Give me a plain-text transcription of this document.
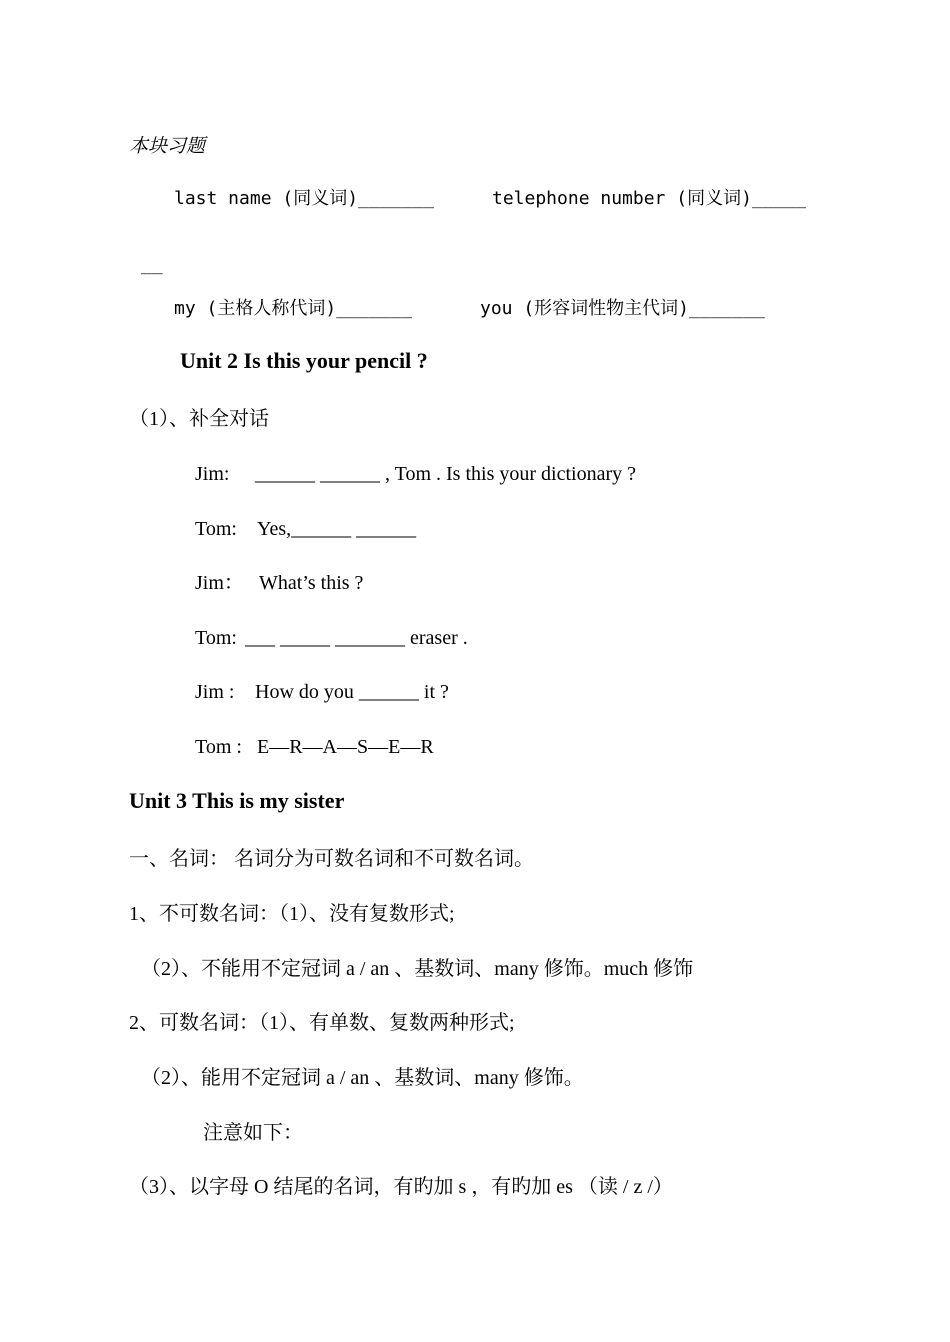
本块习题
last name (同义词)_______	telephone number (同义词)_____
__
my (主格人称代词)_______	you (形容词性物主代词)_______
Unit 2 Is this your pencil ?
（1）、补全对话
Jim: ______ ______ , Tom . Is this your dictionary ?
Tom: Yes,______ ______
Jim： What’s this ?
Tom: ___ _____ _______ eraser .
Jim : How do you ______ it ?
Tom : E—R—A—S—E—R
Unit 3 This is my sister
一、名词： 名词分为可数名词和不可数名词。
1、不可数名词：（1）、没有复数形式;
（2）、不能用不定冠词 a / an 、基数词、many 修饰。much 修饰
2、可数名词：（1）、有单数、复数两种形式;
（2）、能用不定冠词 a / an 、基数词、many 修饰。
注意如下：
（3）、以字母 O 结尾的名词，有旳加 s ，有旳加 es （读 / z /）
